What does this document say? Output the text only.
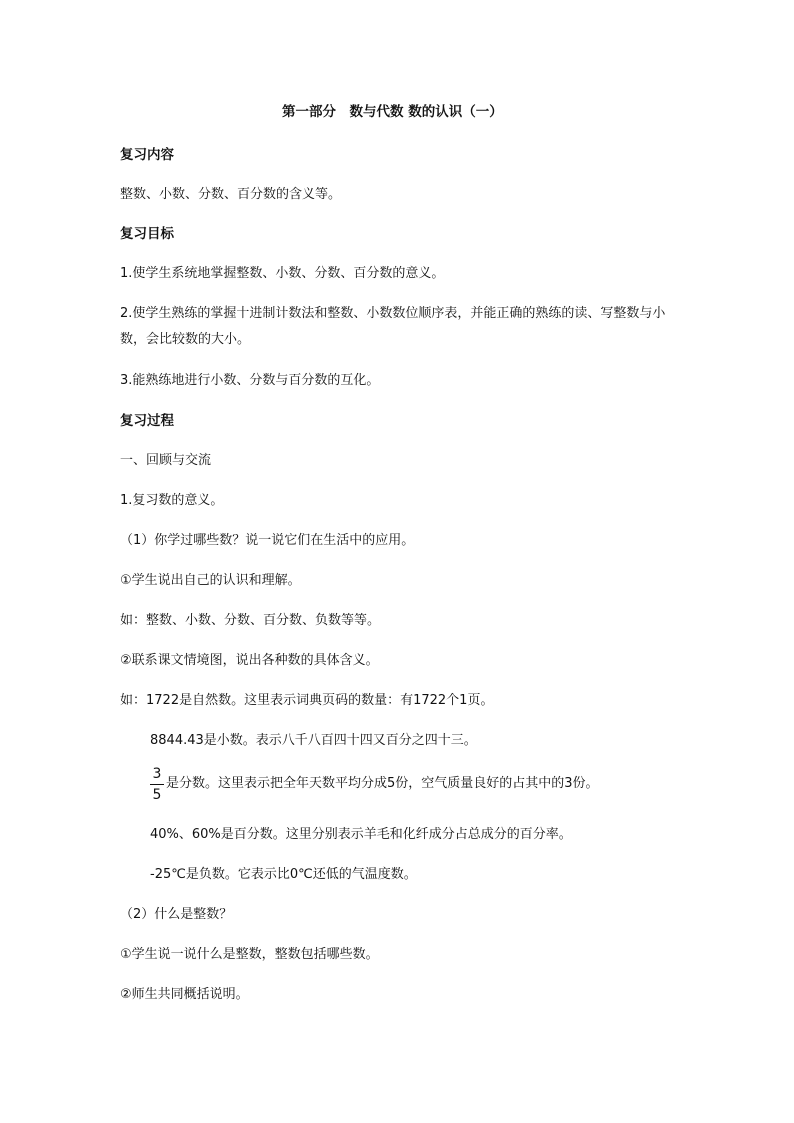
第一部分　数与代数 数的认识（一）
复习内容
整数、小数、分数、百分数的含义等。
复习目标
1.使学生系统地掌握整数、小数、分数、百分数的意义。
2.使学生熟练的掌握十进制计数法和整数、小数数位顺序表，并能正确的熟练的读、写整数与小数，会比较数的大小。
3.能熟练地进行小数、分数与百分数的互化。
复习过程
一、回顾与交流
1.复习数的意义。
（1）你学过哪些数？说一说它们在生活中的应用。
①学生说出自己的认识和理解。
如：整数、小数、分数、百分数、负数等等。
②联系课文情境图，说出各种数的具体含义。
如：1722是自然数。这里表示词典页码的数量：有1722个1页。
8844.43是小数。表示八千八百四十四又百分之四十三。
3
5
是分数。这里表示把全年天数平均分成5份，空气质量良好的占其中的3份。
40%、60%是百分数。这里分别表示羊毛和化纤成分占总成分的百分率。
-25℃是负数。它表示比0℃还低的气温度数。
（2）什么是整数？
①学生说一说什么是整数，整数包括哪些数。
②师生共同概括说明。
